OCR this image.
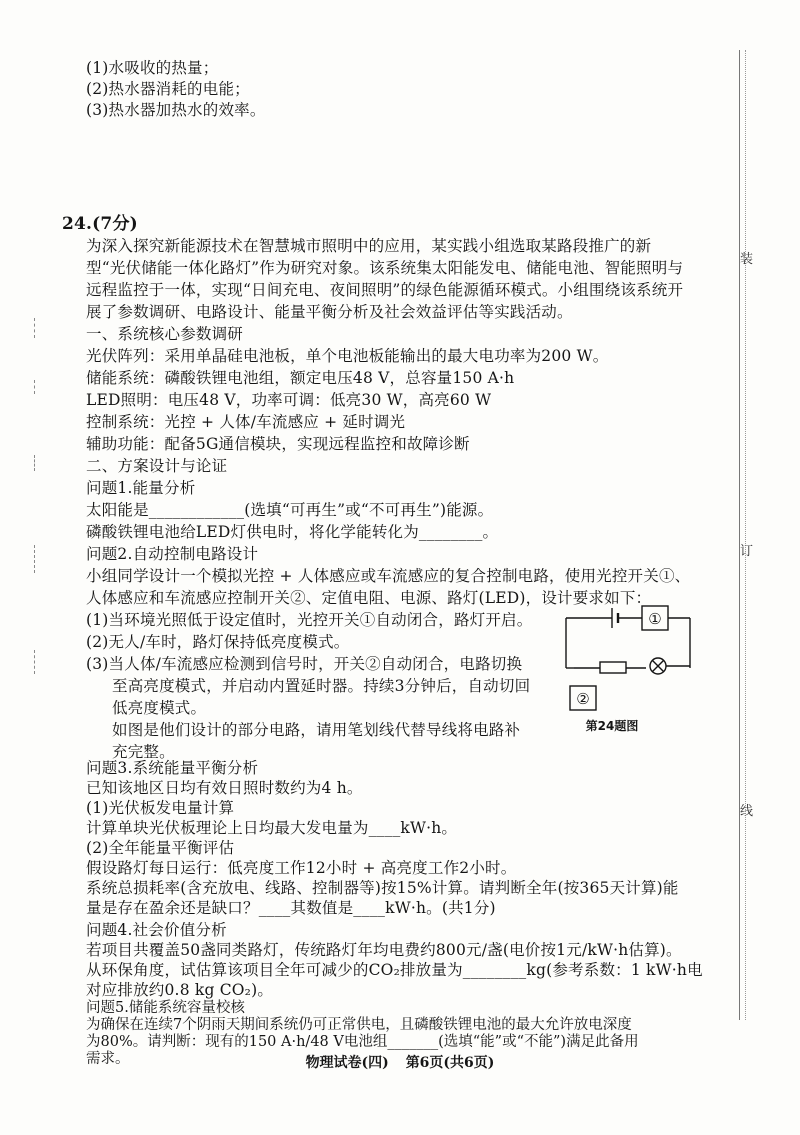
装
订
线
(1)水吸收的热量；
(2)热水器消耗的电能；
(3)热水器加热水的效率。
24.(7分)
为深入探究新能源技术在智慧城市照明中的应用，某实践小组选取某路段推广的新
型“光伏储能一体化路灯”作为研究对象。该系统集太阳能发电、储能电池、智能照明与
远程监控于一体，实现“日间充电、夜间照明”的绿色能源循环模式。小组围绕该系统开
展了参数调研、电路设计、能量平衡分析及社会效益评估等实践活动。
一、系统核心参数调研
光伏阵列：采用单晶硅电池板，单个电池板能输出的最大电功率为200 W。
储能系统：磷酸铁锂电池组，额定电压48 V，总容量150 A·h
LED照明：电压48 V，功率可调：低亮30 W，高亮60 W
控制系统：光控 + 人体/车流感应 + 延时调光
辅助功能：配备5G通信模块，实现远程监控和故障诊断
二、方案设计与论证
问题1.能量分析
太阳能是____________(选填“可再生”或“不可再生”)能源。
磷酸铁锂电池给LED灯供电时，将化学能转化为________。
问题2.自动控制电路设计
小组同学设计一个模拟光控 + 人体感应或车流感应的复合控制电路，使用光控开关①、
人体感应和车流感应控制开关②、定值电阻、电源、路灯(LED)，设计要求如下：
(1)当环境光照低于设定值时，光控开关①自动闭合，路灯开启。
(2)无人/车时，路灯保持低亮度模式。
(3)当人体/车流感应检测到信号时，开关②自动闭合，电路切换
至高亮度模式，并启动内置延时器。持续3分钟后，自动切回
低亮度模式。
如图是他们设计的部分电路，请用笔划线代替导线将电路补
充完整。
①
②
第24题图
问题3.系统能量平衡分析
已知该地区日均有效日照时数约为4 h。
(1)光伏板发电量计算
计算单块光伏板理论上日均最大发电量为____kW·h。
(2)全年能量平衡评估
假设路灯每日运行：低亮度工作12小时 + 高亮度工作2小时。
系统总损耗率(含充放电、线路、控制器等)按15%计算。请判断全年(按365天计算)能
量是存在盈余还是缺口？____其数值是____kW·h。(共1分)
问题4.社会价值分析
若项目共覆盖50盏同类路灯，传统路灯年均电费约800元/盏(电价按1元/kW·h估算)。
从环保角度，试估算该项目全年可减少的CO₂排放量为________kg(参考系数：1 kW·h电
对应排放约0.8 kg CO₂)。
物理试卷(四) 第6页(共6页)
问题5.储能系统容量校核
为确保在连续7个阴雨天期间系统仍可正常供电，且磷酸铁锂电池的最大允许放电深度
为80%。请判断：现有的150 A·h/48 V电池组_______(选填“能”或“不能”)满足此备用
需求。
